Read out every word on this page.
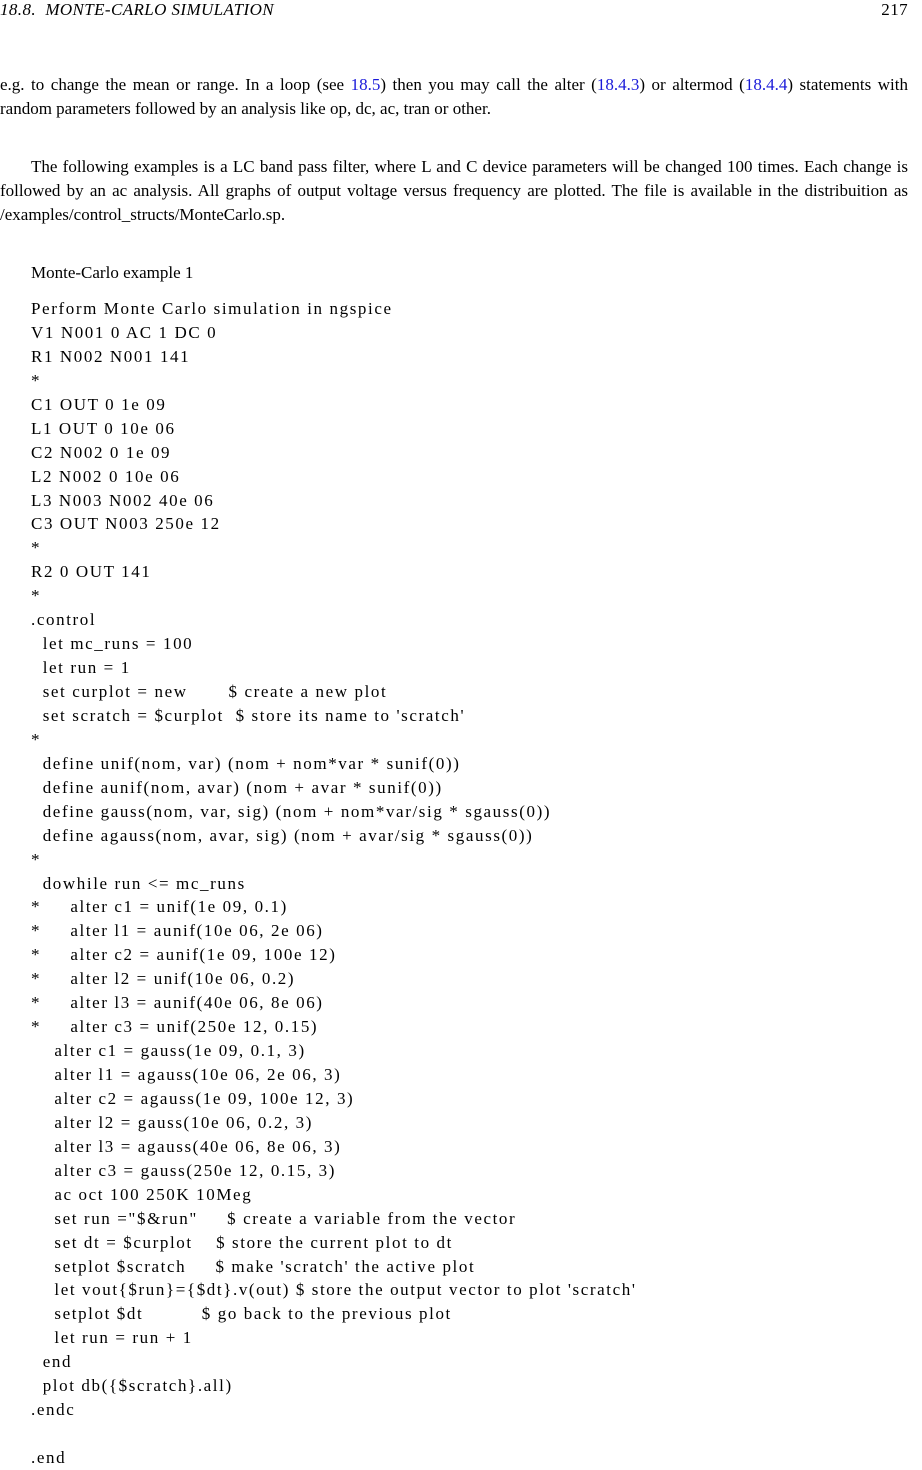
18.8. MONTE-CARLO SIMULATION	217
e.g. to change the mean or range. In a loop (see 18.5) then you may call the alter (18.4.3) or altermod (18.4.4) statements with random parameters followed by an analysis like op, dc, ac, tran or other.
The following examples is a LC band pass filter, where L and C device parameters will be changed 100 times. Each change is followed by an ac analysis. All graphs of output voltage versus frequency are plotted. The file is available in the distribuition as /examples/control_structs/MonteCarlo.sp.
Monte-Carlo example 1
Perform Monte Carlo simulation in ngspice
V1 N001 0 AC 1 DC 0
R1 N002 N001 141
*
C1 OUT 0 1e 09
L1 OUT 0 10e 06
C2 N002 0 1e 09
L2 N002 0 10e 06
L3 N003 N002 40e 06
C3 OUT N003 250e 12
*
R2 0 OUT 141
*
.control
let mc_runs = 100
let run = 1
set curplot = new       $ create a new plot
set scratch = $curplot  $ store its name to 'scratch'
*
define unif(nom, var) (nom + nom*var * sunif(0))
define aunif(nom, avar) (nom + avar * sunif(0))
define gauss(nom, var, sig) (nom + nom*var/sig * sgauss(0))
define agauss(nom, avar, sig) (nom + avar/sig * sgauss(0))
*
dowhile run <= mc_runs
*     alter c1 = unif(1e 09, 0.1)
*     alter l1 = aunif(10e 06, 2e 06)
*     alter c2 = aunif(1e 09, 100e 12)
*     alter l2 = unif(10e 06, 0.2)
*     alter l3 = aunif(40e 06, 8e 06)
*     alter c3 = unif(250e 12, 0.15)
alter c1 = gauss(1e 09, 0.1, 3)
alter l1 = agauss(10e 06, 2e 06, 3)
alter c2 = agauss(1e 09, 100e 12, 3)
alter l2 = gauss(10e 06, 0.2, 3)
alter l3 = agauss(40e 06, 8e 06, 3)
alter c3 = gauss(250e 12, 0.15, 3)
ac oct 100 250K 10Meg
set run ="$&run"     $ create a variable from the vector
set dt = $curplot    $ store the current plot to dt
setplot $scratch     $ make 'scratch' the active plot
let vout{$run}={$dt}.v(out) $ store the output vector to plot 'scratch'
setplot $dt          $ go back to the previous plot
let run = run + 1
end
plot db({$scratch}.all)
.endc
.end
